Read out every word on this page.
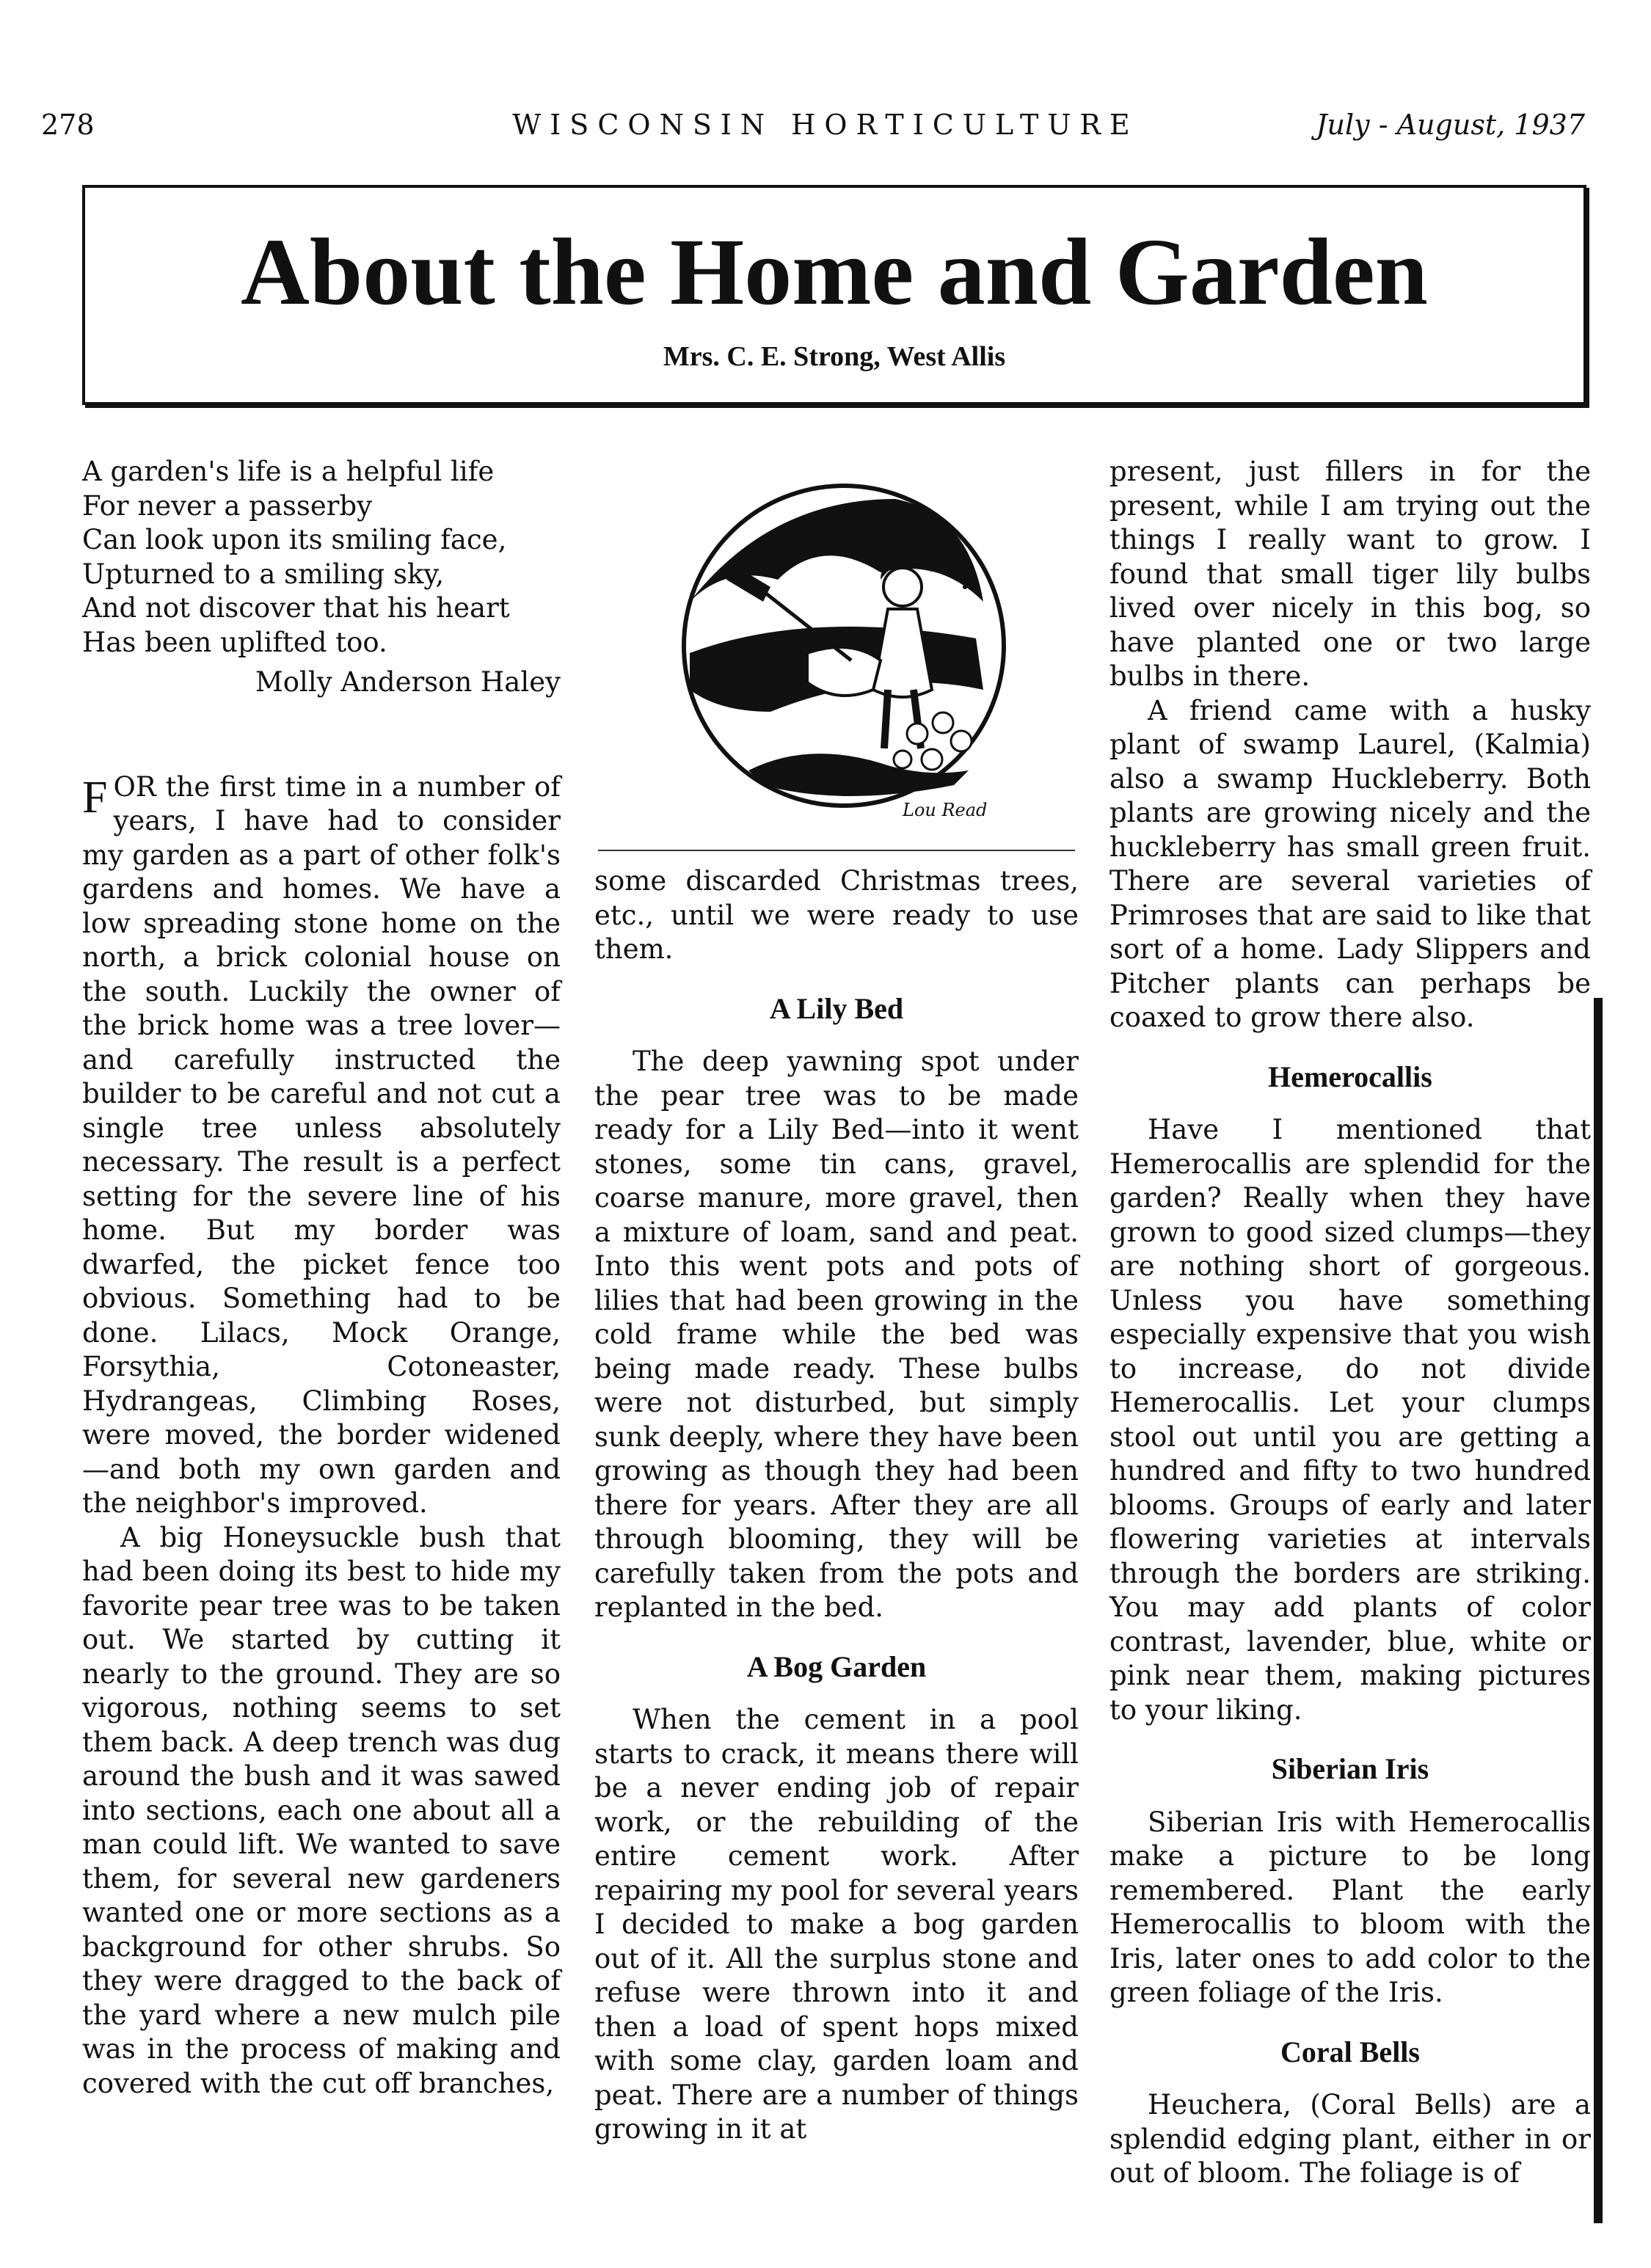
278	WISCONSIN HORTICULTURE	July - August, 1937
About the Home and Garden
Mrs. C. E. Strong, West Allis
A garden's life is a helpful life
For never a passerby
Can look upon its smiling face,
Upturned to a smiling sky,
And not discover that his heart
Has been uplifted too.
Molly Anderson Haley

FOR the first time in a number of years, I have had to consider my garden as a part of other folk's gardens and homes. We have a low spreading stone home on the north, a brick colonial house on the south. Luckily the owner of the brick home was a tree lover—and carefully instructed the builder to be careful and not cut a single tree unless absolutely necessary. The result is a perfect setting for the severe line of his home. But my border was dwarfed, the picket fence too obvious. Something had to be done. Lilacs, Mock Orange, Forsythia, Cotoneaster, Hydrangeas, Climbing Roses, were moved, the border widened—and both my own garden and the neighbor's improved.

A big Honeysuckle bush that had been doing its best to hide my favorite pear tree was to be taken out. We started by cutting it nearly to the ground. They are so vigorous, nothing seems to set them back. A deep trench was dug around the bush and it was sawed into sections, each one about all a man could lift. We wanted to save them, for several new gardeners wanted one or more sections as a background for other shrubs. So they were dragged to the back of the yard where a new mulch pile was in the process of making and covered with the cut off branches,

Lou Read

some discarded Christmas trees, etc., until we were ready to use them.

A Lily Bed

The deep yawning spot under the pear tree was to be made ready for a Lily Bed—into it went stones, some tin cans, gravel, coarse manure, more gravel, then a mixture of loam, sand and peat. Into this went pots and pots of lilies that had been growing in the cold frame while the bed was being made ready. These bulbs were not disturbed, but simply sunk deeply, where they have been growing as though they had been there for years. After they are all through blooming, they will be carefully taken from the pots and replanted in the bed.

A Bog Garden

When the cement in a pool starts to crack, it means there will be a never ending job of repair work, or the rebuilding of the entire cement work. After repairing my pool for several years I decided to make a bog garden out of it. All the surplus stone and refuse were thrown into it and then a load of spent hops mixed with some clay, garden loam and peat. There are a number of things growing in it at

present, just fillers in for the present, while I am trying out the things I really want to grow. I found that small tiger lily bulbs lived over nicely in this bog, so have planted one or two large bulbs in there.

A friend came with a husky plant of swamp Laurel, (Kalmia) also a swamp Huckleberry. Both plants are growing nicely and the huckleberry has small green fruit. There are several varieties of Primroses that are said to like that sort of a home. Lady Slippers and Pitcher plants can perhaps be coaxed to grow there also.

Hemerocallis

Have I mentioned that Hemerocallis are splendid for the garden? Really when they have grown to good sized clumps—they are nothing short of gorgeous. Unless you have something especially expensive that you wish to increase, do not divide Hemerocallis. Let your clumps stool out until you are getting a hundred and fifty to two hundred blooms. Groups of early and later flowering varieties at intervals through the borders are striking. You may add plants of color contrast, lavender, blue, white or pink near them, making pictures to your liking.

Siberian Iris

Siberian Iris with Hemerocallis make a picture to be long remembered. Plant the early Hemerocallis to bloom with the Iris, later ones to add color to the green foliage of the Iris.

Coral Bells

Heuchera, (Coral Bells) are a splendid edging plant, either in or out of bloom. The foliage is of
